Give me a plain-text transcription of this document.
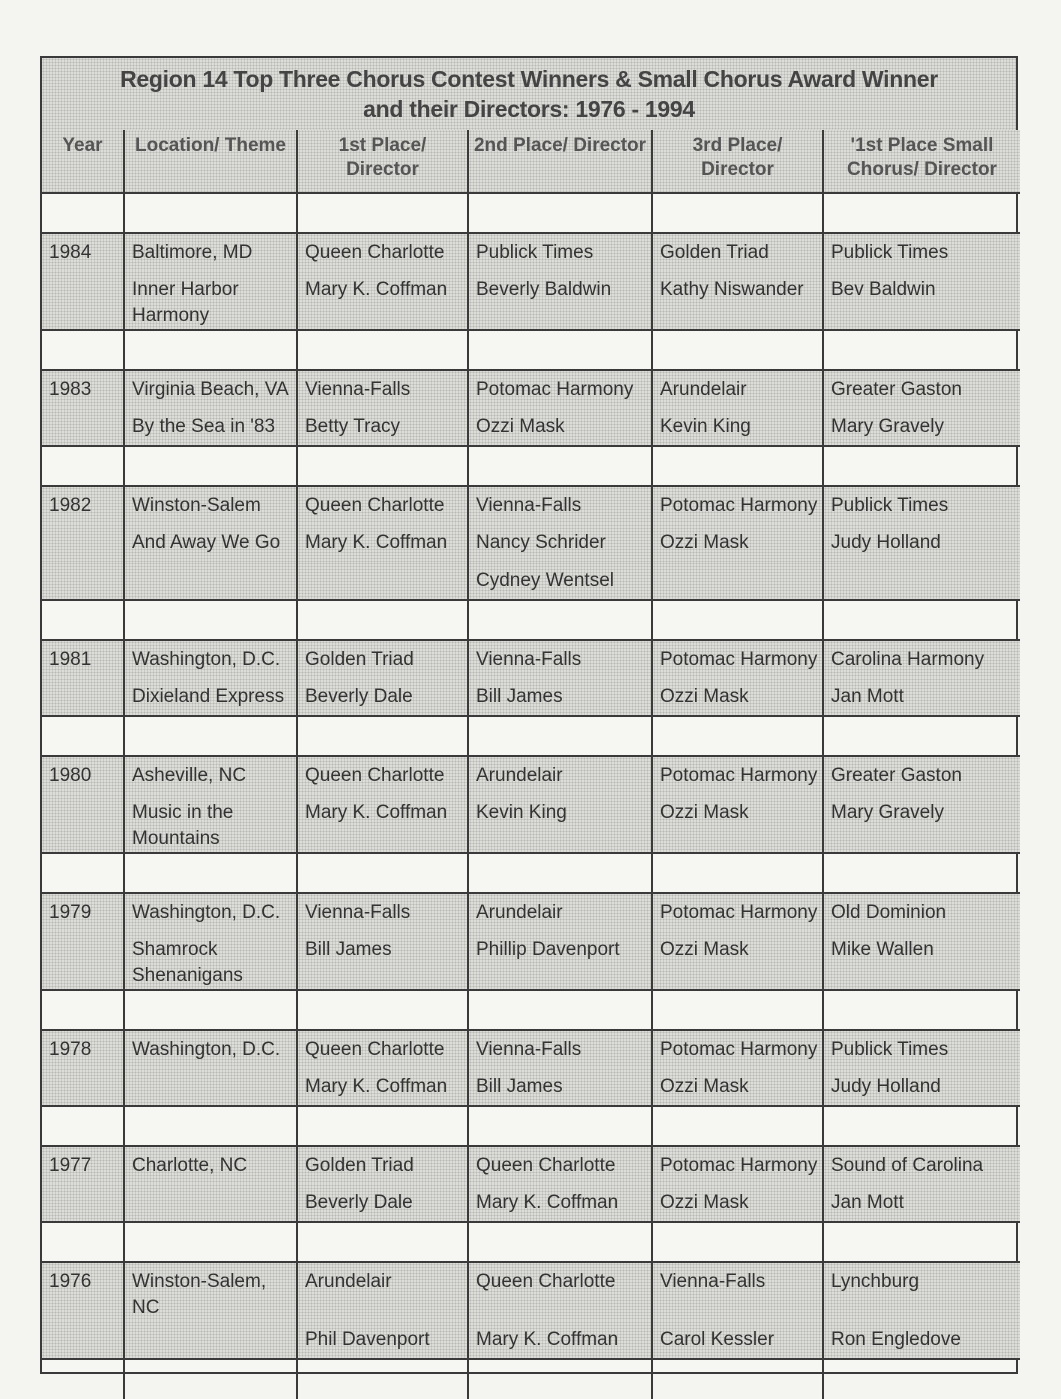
Region 14 Top Three Chorus Contest Winners & Small Chorus Award Winner
and their Directors: 1976 - 1994
Year	Location/ Theme	1st Place/ Director	2nd Place/ Director	3rd Place/ Director	'1st Place Small Chorus/ Director

1984	Baltimore, MD	Queen Charlotte	Publick Times	Golden Triad	Publick Times
	Inner Harbor Harmony	Mary K. Coffman	Beverly Baldwin	Kathy Niswander	Bev Baldwin

1983	Virginia Beach, VA	Vienna-Falls	Potomac Harmony	Arundelair	Greater Gaston
	By the Sea in '83	Betty Tracy	Ozzi Mask	Kevin King	Mary Gravely

1982	Winston-Salem	Queen Charlotte	Vienna-Falls	Potomac Harmony	Publick Times
	And Away We Go	Mary K. Coffman	Nancy Schrider	Ozzi Mask	Judy Holland
			Cydney Wentsel		

1981	Washington, D.C.	Golden Triad	Vienna-Falls	Potomac Harmony	Carolina Harmony
	Dixieland Express	Beverly Dale	Bill James	Ozzi Mask	Jan Mott

1980	Asheville, NC	Queen Charlotte	Arundelair	Potomac Harmony	Greater Gaston
	Music in the Mountains	Mary K. Coffman	Kevin King	Ozzi Mask	Mary Gravely

1979	Washington, D.C.	Vienna-Falls	Arundelair	Potomac Harmony	Old Dominion
	Shamrock Shenanigans	Bill James	Phillip Davenport	Ozzi Mask	Mike Wallen

1978	Washington, D.C.	Queen Charlotte	Vienna-Falls	Potomac Harmony	Publick Times
		Mary K. Coffman	Bill James	Ozzi Mask	Judy Holland

1977	Charlotte, NC	Golden Triad	Queen Charlotte	Potomac Harmony	Sound of Carolina
		Beverly Dale	Mary K. Coffman	Ozzi Mask	Jan Mott

1976	Winston-Salem, NC	Arundelair	Queen Charlotte	Vienna-Falls	Lynchburg
		Phil Davenport	Mary K. Coffman	Carol Kessler	Ron Engledove
